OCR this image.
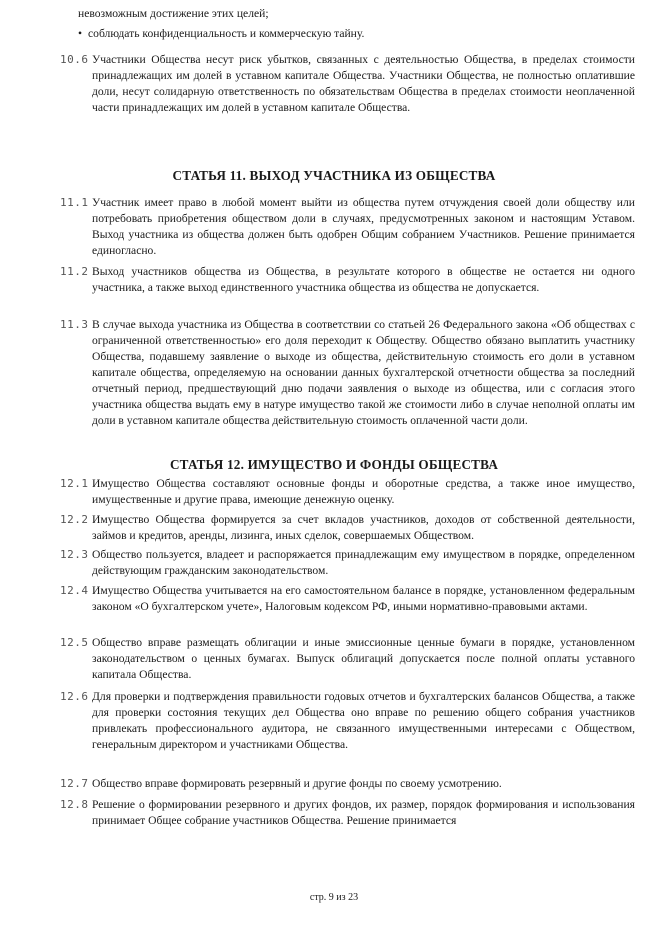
невозможным достижение этих целей;
• соблюдать конфиденциальность и коммерческую тайну.
10.6 Участники Общества несут риск убытков, связанных с деятельностью Общества, в пределах стоимости принадлежащих им долей в уставном капитале Общества. Участники Общества, не полностью оплатившие доли, несут солидарную ответственность по обязательствам Общества в пределах стоимости неоплаченной части принадлежащих им долей в уставном капитале Общества.
СТАТЬЯ 11. ВЫХОД УЧАСТНИКА ИЗ ОБЩЕСТВА
11.1 Участник имеет право в любой момент выйти из общества путем отчуждения своей доли обществу или потребовать приобретения обществом доли в случаях, предусмотренных законом и настоящим Уставом. Выход участника из общества должен быть одобрен Общим собранием Участников. Решение принимается единогласно.
11.2 Выход участников общества из Общества, в результате которого в обществе не остается ни одного участника, а также выход единственного участника общества из общества не допускается.
11.3 В случае выхода участника из Общества в соответствии со статьей 26 Федерального закона «Об обществах с ограниченной ответственностью» его доля переходит к Обществу. Общество обязано выплатить участнику Общества, подавшему заявление о выходе из общества, действительную стоимость его доли в уставном капитале общества, определяемую на основании данных бухгалтерской отчетности общества за последний отчетный период, предшествующий дню подачи заявления о выходе из общества, или с согласия этого участника общества выдать ему в натуре имущество такой же стоимости либо в случае неполной оплаты им доли в уставном капитале общества действительную стоимость оплаченной части доли.
СТАТЬЯ 12. ИМУЩЕСТВО И ФОНДЫ ОБЩЕСТВА
12.1 Имущество Общества составляют основные фонды и оборотные средства, а также иное имущество, имущественные и другие права, имеющие денежную оценку.
12.2 Имущество Общества формируется за счет вкладов участников, доходов от собственной деятельности, займов и кредитов, аренды, лизинга, иных сделок, совершаемых Обществом.
12.3 Общество пользуется, владеет и распоряжается принадлежащим ему имуществом в порядке, определенном действующим гражданским законодательством.
12.4 Имущество Общества учитывается на его самостоятельном балансе в порядке, установленном федеральным законом «О бухгалтерском учете», Налоговым кодексом РФ, иными нормативно-правовыми актами.
12.5 Общество вправе размещать облигации и иные эмиссионные ценные бумаги в порядке, установленном законодательством о ценных бумагах. Выпуск облигаций допускается после полной оплаты уставного капитала Общества.
12.6 Для проверки и подтверждения правильности годовых отчетов и бухгалтерских балансов Общества, а также для проверки состояния текущих дел Общества оно вправе по решению общего собрания участников привлекать профессионального аудитора, не связанного имущественными интересами с Обществом, генеральным директором и участниками Общества.
12.7 Общество вправе формировать резервный и другие фонды по своему усмотрению.
12.8 Решение о формировании резервного и других фондов, их размер, порядок формирования и использования принимает Общее собрание участников Общества. Решение принимается
стр. 9 из 23
